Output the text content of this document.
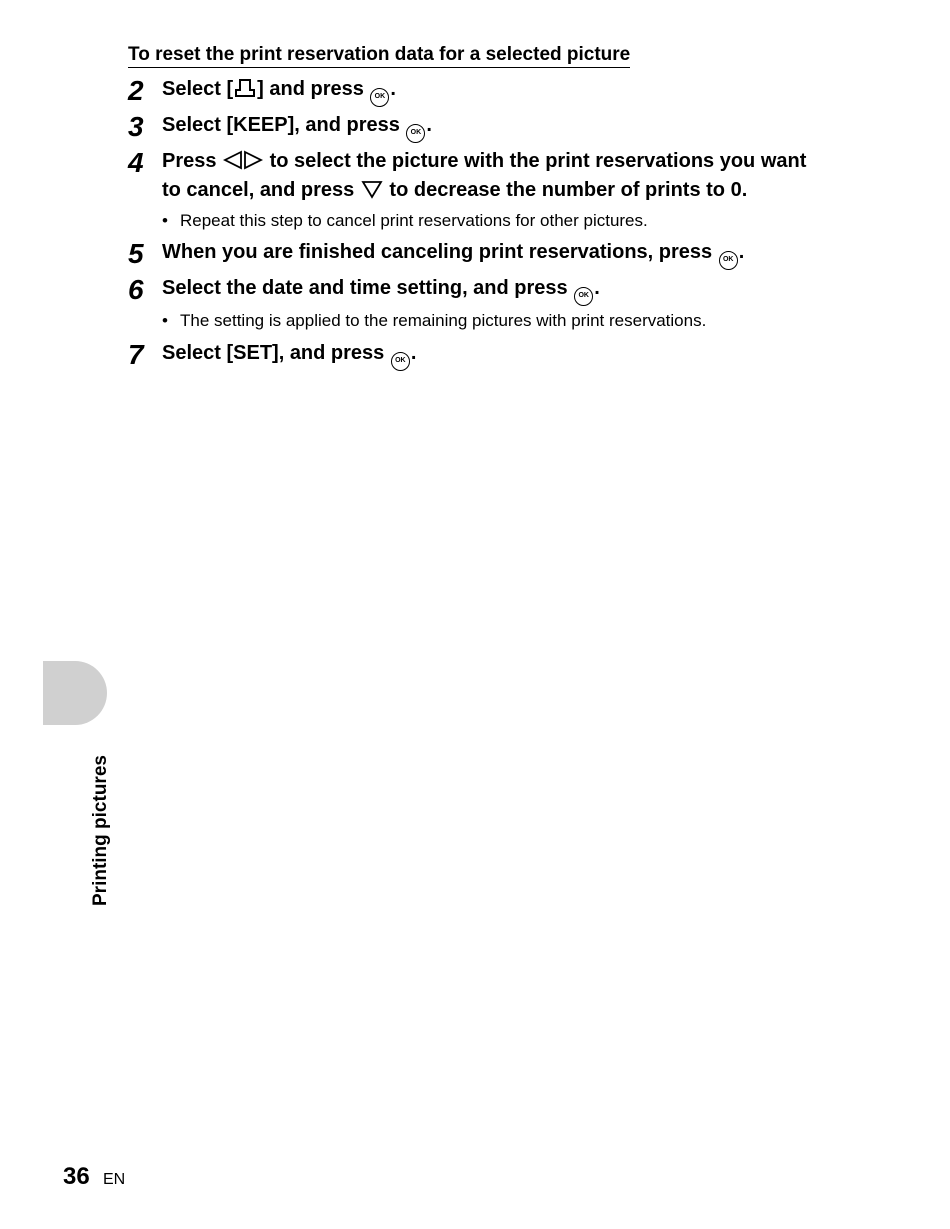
To reset the print reservation data for a selected picture
2 Select [ ] and press OK .
3 Select [KEEP], and press OK .
4 Press  to select the picture with the print reservations you want
to cancel, and press  to decrease the number of prints to 0.
• Repeat this step to cancel print reservations for other pictures.
5 When you are finished canceling print reservations, press OK .
6 Select the date and time setting, and press OK .
• The setting is applied to the remaining pictures with print reservations.
7 Select [SET], and press OK .
Printing pictures
36 EN
